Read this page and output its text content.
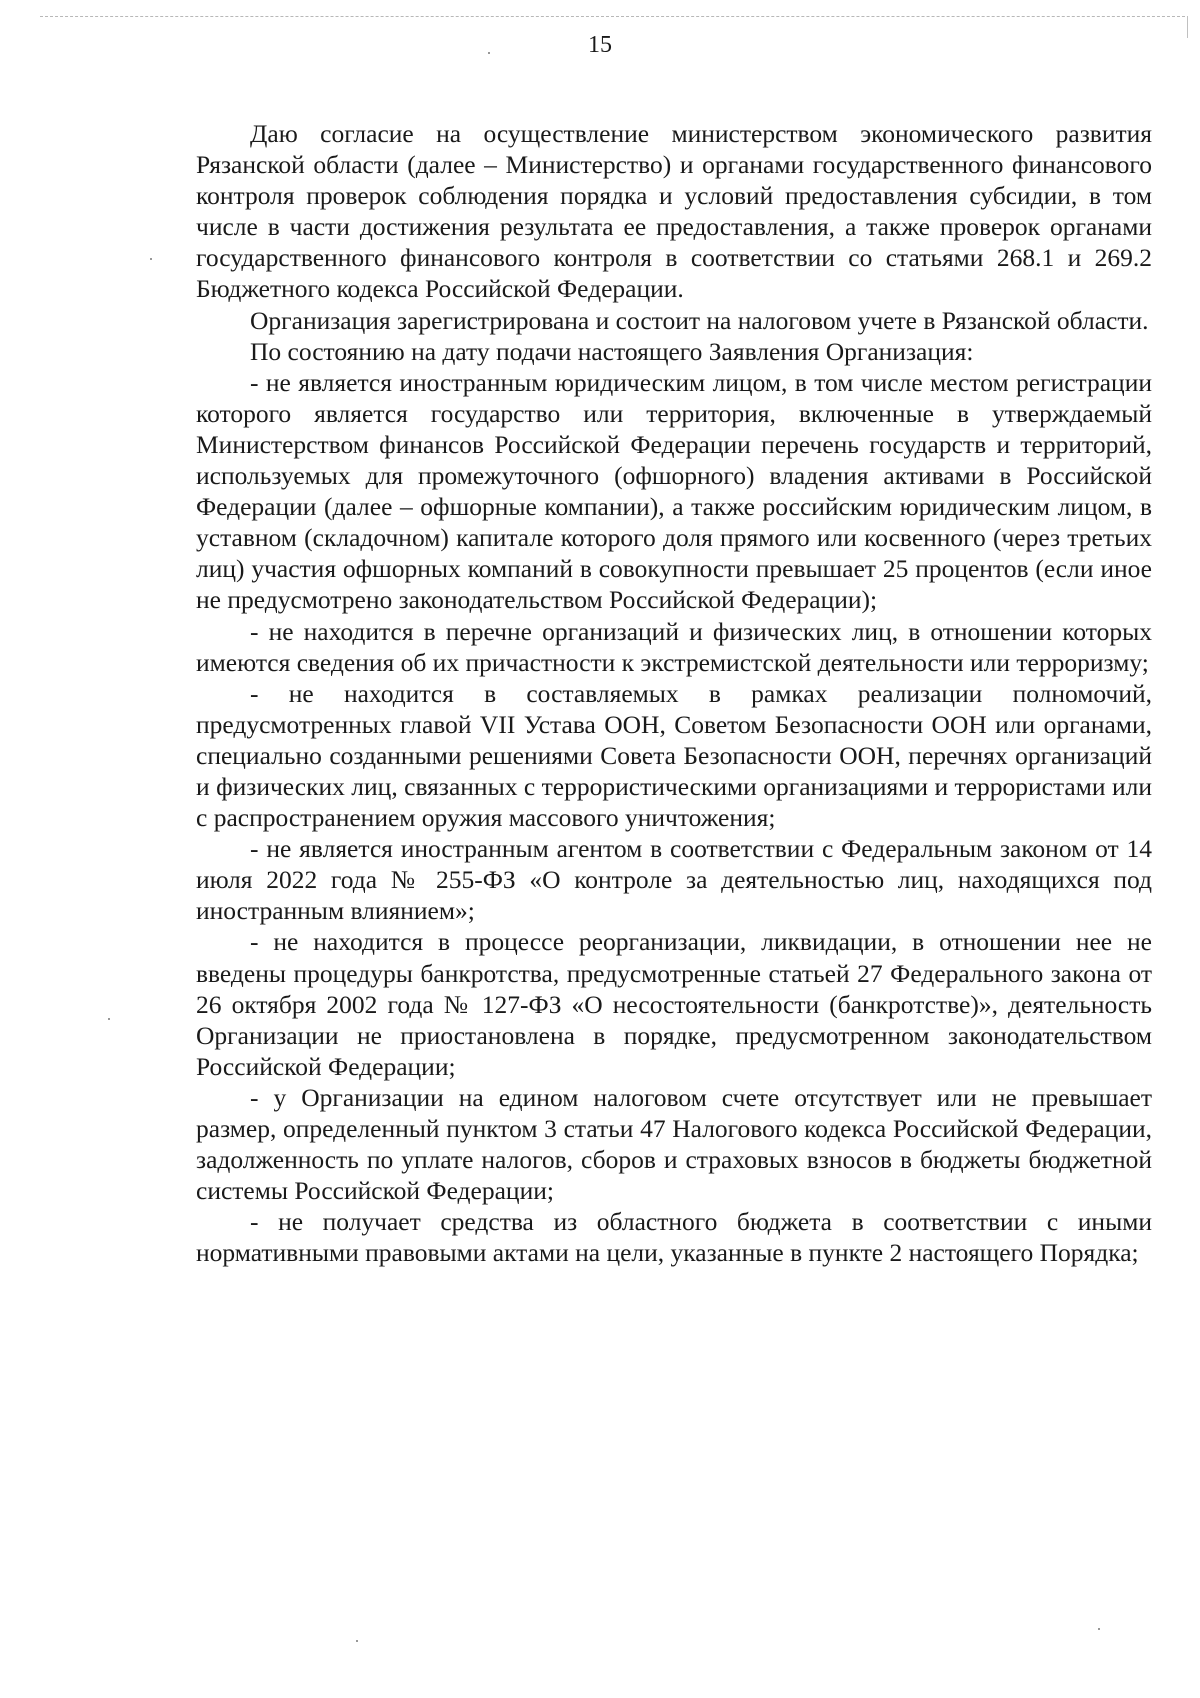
15

Даю согласие на осуществление министерством экономического развития Рязанской области (далее – Министерство) и органами государственного финансового контроля проверок соблюдения порядка и условий предоставления субсидии, в том числе в части достижения результата ее предоставления, а также проверок органами государственного финансового контроля в соответствии со статьями 268.1 и 269.2 Бюджетного кодекса Российской Федерации.

Организация зарегистрирована и состоит на налоговом учете в Рязанской области.

По состоянию на дату подачи настоящего Заявления Организация:

- не является иностранным юридическим лицом, в том числе местом регистрации которого является государство или территория, включенные в утверждаемый Министерством финансов Российской Федерации перечень государств и территорий, используемых для промежуточного (офшорного) владения активами в Российской Федерации (далее – офшорные компании), а также российским юридическим лицом, в уставном (складочном) капитале которого доля прямого или косвенного (через третьих лиц) участия офшорных компаний в совокупности превышает 25 процентов (если иное не предусмотрено законодательством Российской Федерации);

- не находится в перечне организаций и физических лиц, в отношении которых имеются сведения об их причастности к экстремистской деятельности или терроризму;

- не находится в составляемых в рамках реализации полномочий, предусмотренных главой VII Устава ООН, Советом Безопасности ООН или органами, специально созданными решениями Совета Безопасности ООН, перечнях организаций и физических лиц, связанных с террористическими организациями и террористами или с распространением оружия массового уничтожения;

- не является иностранным агентом в соответствии с Федеральным законом от 14 июля 2022 года № 255-ФЗ «О контроле за деятельностью лиц, находящихся под иностранным влиянием»;

- не находится в процессе реорганизации, ликвидации, в отношении нее не введены процедуры банкротства, предусмотренные статьей 27 Федерального закона от 26 октября 2002 года № 127-ФЗ «О несостоятельности (банкротстве)», деятельность Организации не приостановлена в порядке, предусмотренном законодательством Российской Федерации;

- у Организации на едином налоговом счете отсутствует или не превышает размер, определенный пунктом 3 статьи 47 Налогового кодекса Российской Федерации, задолженность по уплате налогов, сборов и страховых взносов в бюджеты бюджетной системы Российской Федерации;

- не получает средства из областного бюджета в соответствии с иными нормативными правовыми актами на цели, указанные в пункте 2 настоящего Порядка;
